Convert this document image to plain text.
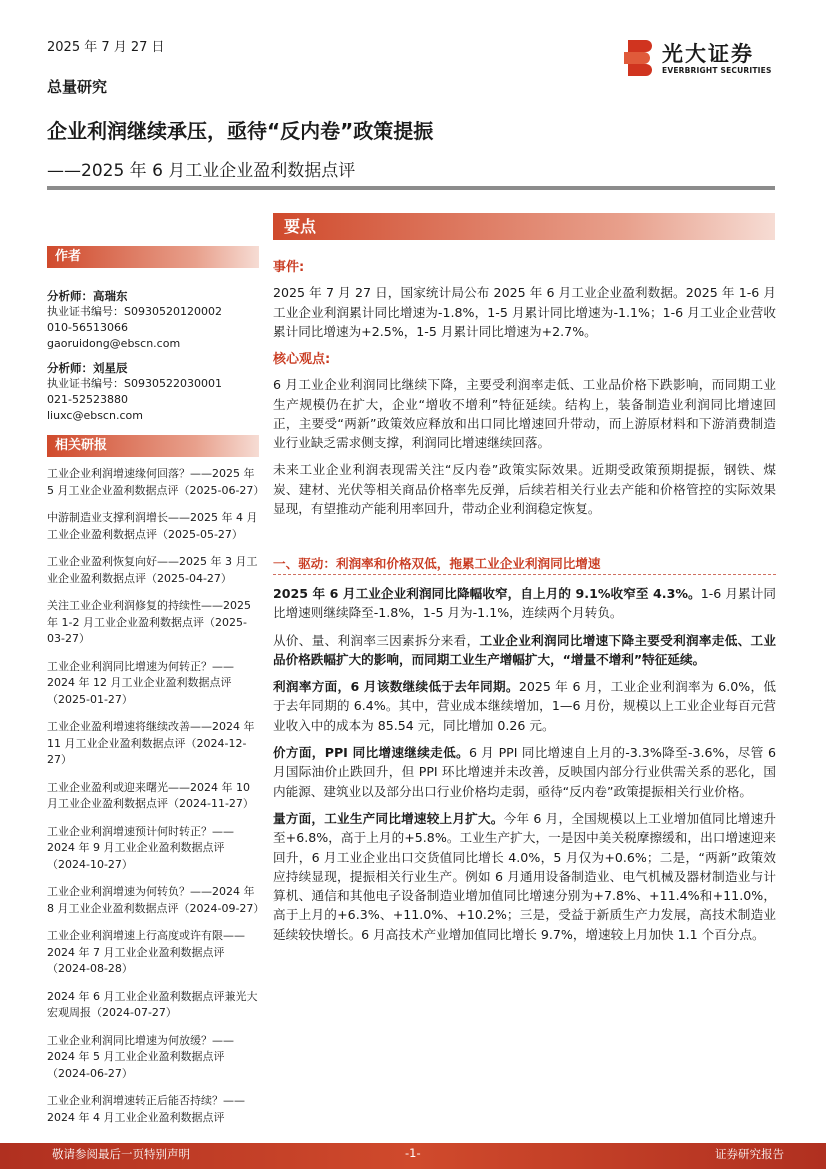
2025 年 7 月 27 日	光大证券
EVERBRIGHT SECURITIES
总量研究
企业利润继续承压，亟待“反内卷”政策提振
——2025 年 6 月工业企业盈利数据点评
作者
分析师：高瑞东
执业证书编号：S0930520120002
010-56513066
gaoruidong@ebscn.com
分析师：刘星辰
执业证书编号：S0930522030001
021-52523880
liuxc@ebscn.com
相关研报
工业企业利润增速缘何回落？——2025 年 5 月工业企业盈利数据点评（2025-06-27）
中游制造业支撑利润增长——2025 年 4 月工业企业盈利数据点评（2025-05-27）
工业企业盈利恢复向好——2025 年 3 月工业企业盈利数据点评（2025-04-27）
关注工业企业利润修复的持续性——2025 年 1-2 月工业企业盈利数据点评（2025-03-27）
工业企业利润同比增速为何转正？——2024 年 12 月工业企业盈利数据点评（2025-01-27）
工业企业盈利增速将继续改善——2024 年 11 月工业企业盈利数据点评（2024-12-27）
工业企业盈利或迎来曙光——2024 年 10 月工业企业盈利数据点评（2024-11-27）
工业企业利润增速预计何时转正？——2024 年 9 月工业企业盈利数据点评（2024-10-27）
工业企业利润增速为何转负？——2024 年 8 月工业企业盈利数据点评（2024-09-27）
工业企业利润增速上行高度或许有限——2024 年 7 月工业企业盈利数据点评（2024-08-28）
2024 年 6 月工业企业盈利数据点评兼光大宏观周报（2024-07-27）
工业企业利润同比增速为何放缓？——2024 年 5 月工业企业盈利数据点评（2024-06-27）
工业企业利润增速转正后能否持续？——2024 年 4 月工业企业盈利数据点评
要点
事件:

2025 年 7 月 27 日，国家统计局公布 2025 年 6 月工业企业盈利数据。2025 年 1-6 月工业企业利润累计同比增速为-1.8%，1-5 月累计同比增速为-1.1%；1-6 月工业企业营收累计同比增速为+2.5%，1-5 月累计同比增速为+2.7%。

核心观点:

6 月工业企业利润同比继续下降，主要受利润率走低、工业品价格下跌影响，而同期工业生产规模仍在扩大，企业“增收不增利”特征延续。结构上，装备制造业利润同比增速回正，主要受“两新”政策效应释放和出口同比增速回升带动，而上游原材料和下游消费制造业行业缺乏需求侧支撑，利润同比增速继续回落。

未来工业企业利润表现需关注“反内卷”政策实际效果。近期受政策预期提振，钢铁、煤炭、建材、光伏等相关商品价格率先反弹，后续若相关行业去产能和价格管控的实际效果显现，有望推动产能利用率回升，带动企业利润稳定恢复。

一、驱动：利润率和价格双低，拖累工业企业利润同比增速

2025 年 6 月工业企业利润同比降幅收窄，自上月的 9.1%收窄至 4.3%。1-6 月累计同比增速则继续降至-1.8%，1-5 月为-1.1%，连续两个月转负。

从价、量、利润率三因素拆分来看，工业企业利润同比增速下降主要受利润率走低、工业品价格跌幅扩大的影响，而同期工业生产增幅扩大，“增量不增利”特征延续。

利润率方面，6 月该数继续低于去年同期。2025 年 6 月，工业企业利润率为 6.0%，低于去年同期的 6.4%。其中，营业成本继续增加，1—6 月份，规模以上工业企业每百元营业收入中的成本为 85.54 元，同比增加 0.26 元。

价方面，PPI 同比增速继续走低。6 月 PPI 同比增速自上月的-3.3%降至-3.6%，尽管 6 月国际油价止跌回升，但 PPI 环比增速并未改善，反映国内部分行业供需关系的恶化，国内能源、建筑业以及部分出口行业价格均走弱，亟待“反内卷”政策提振相关行业价格。

量方面，工业生产同比增速较上月扩大。今年 6 月，全国规模以上工业增加值同比增速升至+6.8%，高于上月的+5.8%。工业生产扩大，一是因中美关税摩擦缓和，出口增速迎来回升，6 月工业企业出口交货值同比增长 4.0%，5 月仅为+0.6%；二是，“两新”政策效应持续显现，提振相关行业生产。例如 6 月通用设备制造业、电气机械及器材制造业与计算机、通信和其他电子设备制造业增加值同比增速分别为+7.8%、+11.4%和+11.0%，高于上月的+6.3%、+11.0%、+10.2%；三是，受益于新质生产力发展，高技术制造业延续较快增长。6 月高技术产业增加值同比增长 9.7%，增速较上月加快 1.1 个百分点。

敬请参阅最后一页特别声明	-1-	证券研究报告
